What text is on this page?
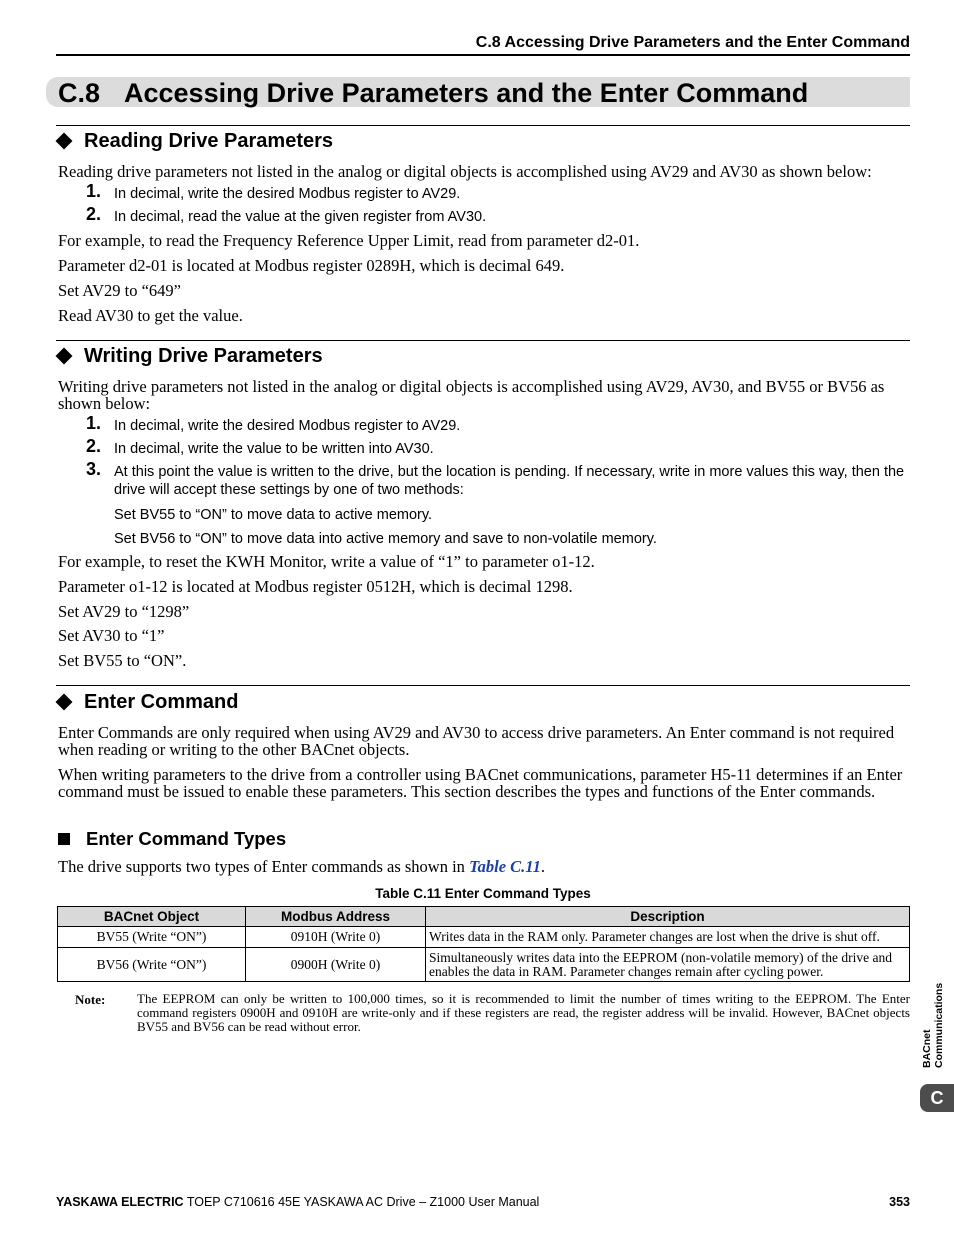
C.8 Accessing Drive Parameters and the Enter Command
C.8 Accessing Drive Parameters and the Enter Command
Reading Drive Parameters
Reading drive parameters not listed in the analog or digital objects is accomplished using AV29 and AV30 as shown below:
1. In decimal, write the desired Modbus register to AV29.
2. In decimal, read the value at the given register from AV30.
For example, to read the Frequency Reference Upper Limit, read from parameter d2-01.
Parameter d2-01 is located at Modbus register 0289H, which is decimal 649.
Set AV29 to “649”
Read AV30 to get the value.
Writing Drive Parameters
Writing drive parameters not listed in the analog or digital objects is accomplished using AV29, AV30, and BV55 or BV56 as shown below:
1. In decimal, write the desired Modbus register to AV29.
2. In decimal, write the value to be written into AV30.
3. At this point the value is written to the drive, but the location is pending. If necessary, write in more values this way, then the drive will accept these settings by one of two methods:
Set BV55 to “ON” to move data to active memory.
Set BV56 to “ON” to move data into active memory and save to non-volatile memory.
For example, to reset the KWH Monitor, write a value of “1” to parameter o1-12.
Parameter o1-12 is located at Modbus register 0512H, which is decimal 1298.
Set AV29 to “1298”
Set AV30 to “1”
Set BV55 to “ON”.
Enter Command
Enter Commands are only required when using AV29 and AV30 to access drive parameters. An Enter command is not required when reading or writing to the other BACnet objects.
When writing parameters to the drive from a controller using BACnet communications, parameter H5-11 determines if an Enter command must be issued to enable these parameters. This section describes the types and functions of the Enter commands.
Enter Command Types
The drive supports two types of Enter commands as shown in Table C.11.
Table C.11 Enter Command Types
BACnet Object	Modbus Address	Description
BV55 (Write “ON”)	0910H (Write 0)	Writes data in the RAM only. Parameter changes are lost when the drive is shut off.
BV56 (Write “ON”)	0900H (Write 0)	Simultaneously writes data into the EEPROM (non-volatile memory) of the drive and enables the data in RAM. Parameter changes remain after cycling power.
Note: The EEPROM can only be written to 100,000 times, so it is recommended to limit the number of times writing to the EEPROM. The Enter command registers 0900H and 0910H are write-only and if these registers are read, the register address will be invalid. However, BACnet objects BV55 and BV56 can be read without error.
BACnet Communications
C
YASKAWA ELECTRIC TOEP C710616 45E YASKAWA AC Drive – Z1000 User Manual	353
